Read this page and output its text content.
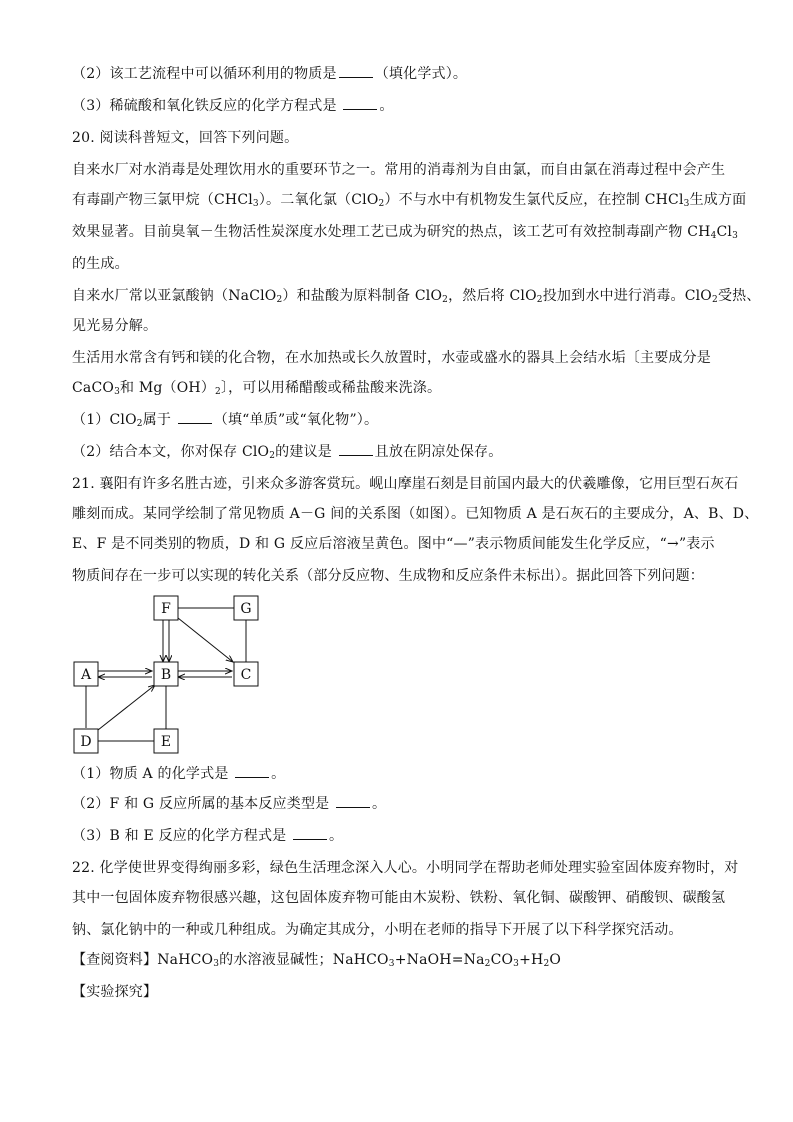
（2）该工艺流程中可以循环利用的物质是	（填化学式）。
（3）稀硫酸和氧化铁反应的化学方程式是	。
20. 阅读科普短文，回答下列问题。
自来水厂对水消毒是处理饮用水的重要环节之一。常用的消毒剂为自由氯，而自由氯在消毒过程中会产生
有毒副产物三氯甲烷（CHCl$_3$）。二氧化氯（ClO$_2$）不与水中有机物发生氯代反应，在控制 CHCl$_3$生成方面
效果显著。目前臭氧－生物活性炭深度水处理工艺已成为研究的热点，该工艺可有效控制毒副产物 $CH_4Cl_3$
的生成。
自来水厂常以亚氯酸钠（NaClO$_2$）和盐酸为原料制备 ClO$_2$，然后将 ClO$_2$投加到水中进行消毒。ClO$_2$受热、
见光易分解。
生活用水常含有钙和镁的化合物，在水加热或长久放置时，水壶或盛水的器具上会结水垢〔主要成分是
CaCO$_3$和 $Mg(OH)_2$〕，可以用稀醋酸或稀盐酸来洗涤。
（1）ClO$_2$属于	（填“单质”或“氧化物”）。
（2）结合本文，你对保存 ClO$_2$的建议是	且放在阴凉处保存。
21. 襄阳有许多名胜古迹，引来众多游客赏玩。岘山摩崖石刻是目前国内最大的伏羲雕像，它用巨型石灰石
雕刻而成。某同学绘制了常见物质 A－G 间的关系图（如图）。已知物质 A 是石灰石的主要成分，A、B、D、
E、F 是不同类别的物质，D 和 G 反应后溶液呈黄色。图中“—”表示物质间能发生化学反应，“→”表示
物质间存在一步可以实现的转化关系（部分反应物、生成物和反应条件未标出）。据此回答下列问题：
F	G
A	B	C
D	E
（1）物质 A 的化学式是	。
（2）F 和 G 反应所属的基本反应类型是	。
（3）B 和 E 反应的化学方程式是	。
22. 化学使世界变得绚丽多彩，绿色生活理念深入人心。小明同学在帮助老师处理实验室固体废弃物时，对
其中一包固体废弃物很感兴趣，这包固体废弃物可能由木炭粉、铁粉、氧化铜、碳酸钾、硝酸钡、碳酸氢
钠、氯化钠中的一种或几种组成。为确定其成分，小明在老师的指导下开展了以下科学探究活动。
【查阅资料】NaHCO$_3$的水溶液显碱性；$NaHCO_3+NaOH=Na_2CO_3+H_2O$
【实验探究】
